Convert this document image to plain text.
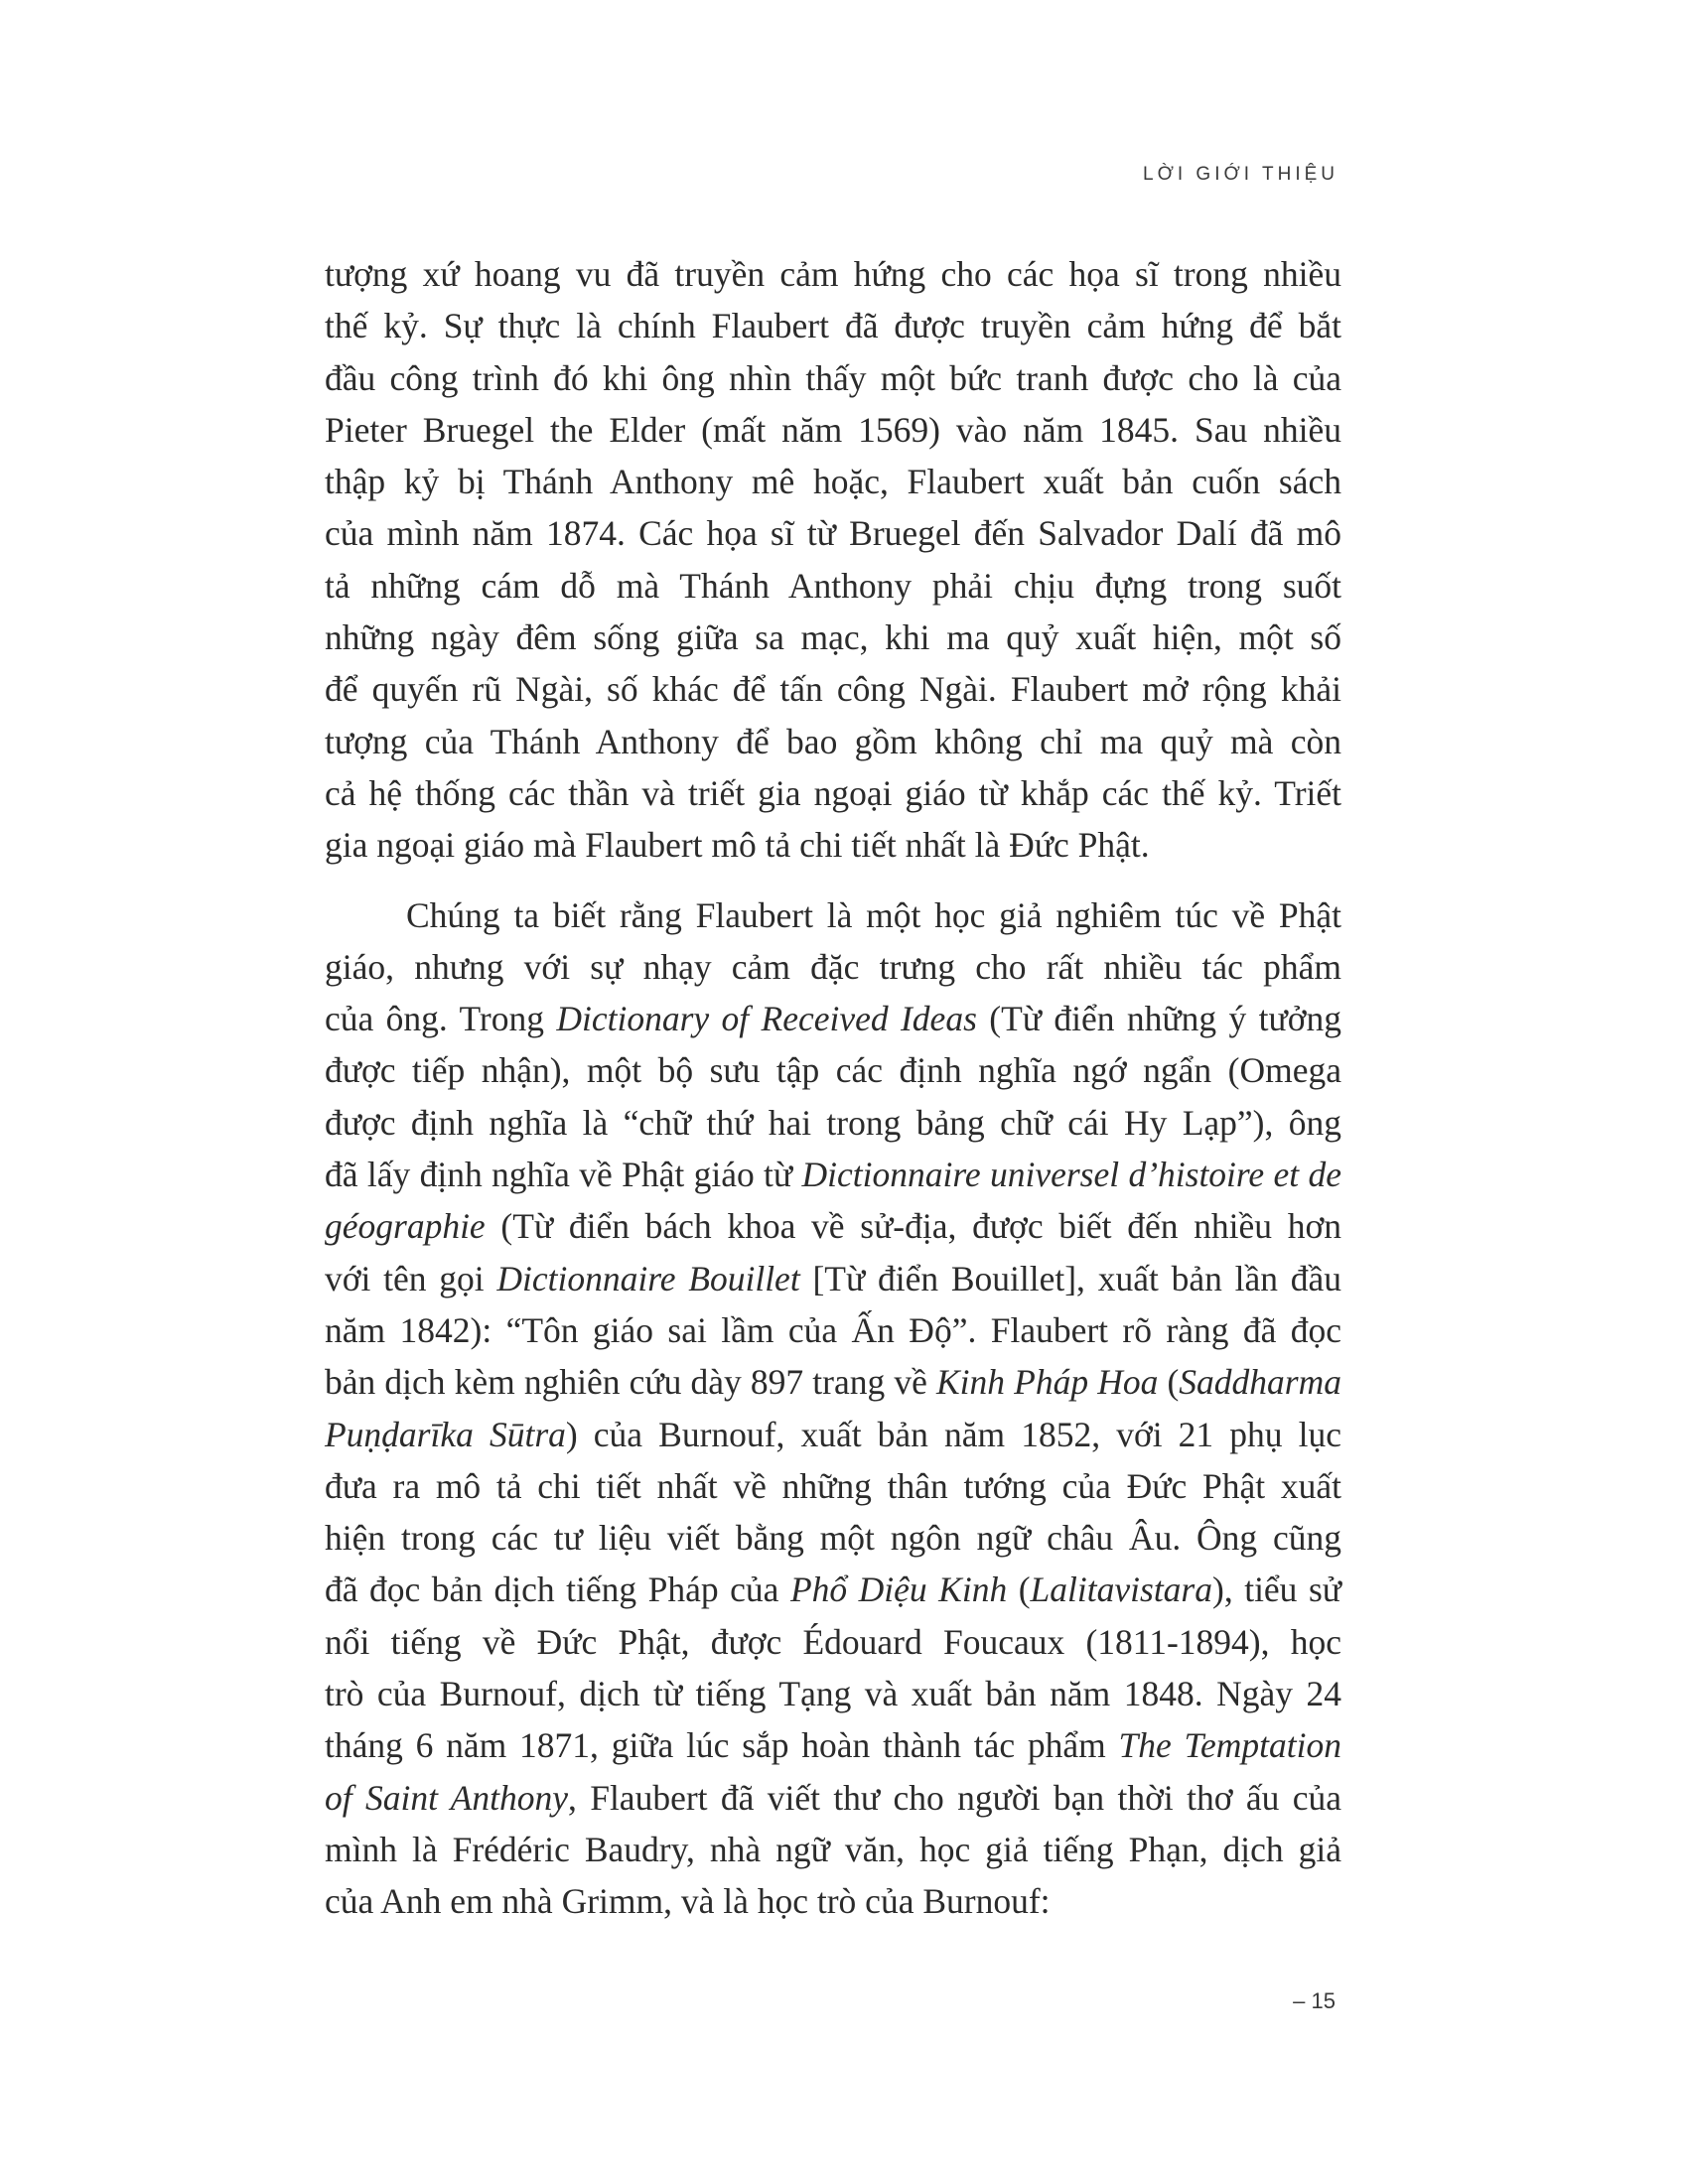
LỜI GIỚI THIỆU
tượng xứ hoang vu đã truyền cảm hứng cho các họa sĩ trong nhiều
thế kỷ. Sự thực là chính Flaubert đã được truyền cảm hứng để bắt
đầu công trình đó khi ông nhìn thấy một bức tranh được cho là của
Pieter Bruegel the Elder (mất năm 1569) vào năm 1845. Sau nhiều
thập kỷ bị Thánh Anthony mê hoặc, Flaubert xuất bản cuốn sách
của mình năm 1874. Các họa sĩ từ Bruegel đến Salvador Dalí đã mô
tả những cám dỗ mà Thánh Anthony phải chịu đựng trong suốt
những ngày đêm sống giữa sa mạc, khi ma quỷ xuất hiện, một số
để quyến rũ Ngài, số khác để tấn công Ngài. Flaubert mở rộng khải
tượng của Thánh Anthony để bao gồm không chỉ ma quỷ mà còn
cả hệ thống các thần và triết gia ngoại giáo từ khắp các thế kỷ. Triết
gia ngoại giáo mà Flaubert mô tả chi tiết nhất là Đức Phật.
Chúng ta biết rằng Flaubert là một học giả nghiêm túc về Phật
giáo, nhưng với sự nhạy cảm đặc trưng cho rất nhiều tác phẩm
của ông. Trong Dictionary of Received Ideas (Từ điển những ý tưởng
được tiếp nhận), một bộ sưu tập các định nghĩa ngớ ngẩn (Omega
được định nghĩa là “chữ thứ hai trong bảng chữ cái Hy Lạp”), ông
đã lấy định nghĩa về Phật giáo từ Dictionnaire universel d’histoire et de
géographie (Từ điển bách khoa về sử-địa, được biết đến nhiều hơn
với tên gọi Dictionnaire Bouillet [Từ điển Bouillet], xuất bản lần đầu
năm 1842): “Tôn giáo sai lầm của Ấn Độ”. Flaubert rõ ràng đã đọc
bản dịch kèm nghiên cứu dày 897 trang về Kinh Pháp Hoa (Saddharma
Puṇḍarīka Sūtra) của Burnouf, xuất bản năm 1852, với 21 phụ lục
đưa ra mô tả chi tiết nhất về những thân tướng của Đức Phật xuất
hiện trong các tư liệu viết bằng một ngôn ngữ châu Âu. Ông cũng
đã đọc bản dịch tiếng Pháp của Phổ Diệu Kinh (Lalitavistara), tiểu sử
nổi tiếng về Đức Phật, được Édouard Foucaux (1811-1894), học
trò của Burnouf, dịch từ tiếng Tạng và xuất bản năm 1848. Ngày 24
tháng 6 năm 1871, giữa lúc sắp hoàn thành tác phẩm The Temptation
of Saint Anthony, Flaubert đã viết thư cho người bạn thời thơ ấu của
mình là Frédéric Baudry, nhà ngữ văn, học giả tiếng Phạn, dịch giả
của Anh em nhà Grimm, và là học trò của Burnouf:
– 15
